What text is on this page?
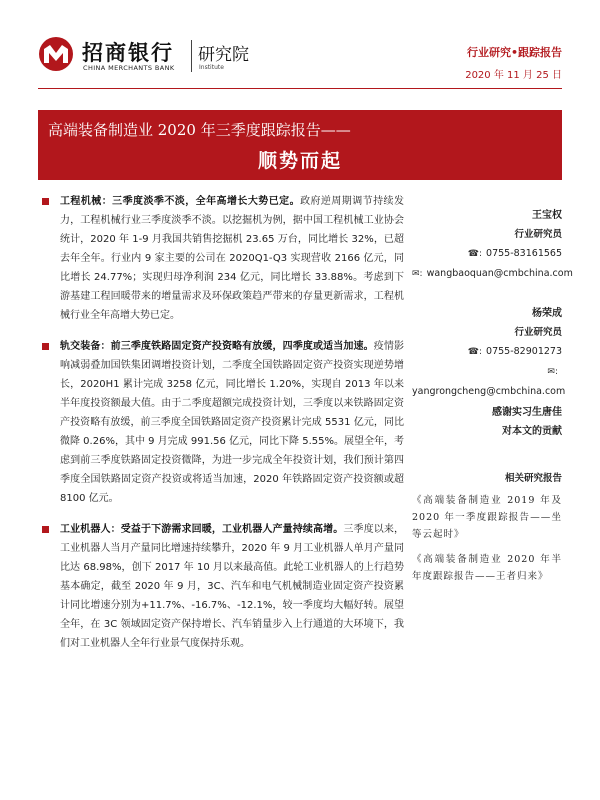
招商银行
CHINA MERCHANTS BANK
研究院
Institute
行业研究•跟踪报告
2020 年 11 月 25 日
高端装备制造业 2020 年三季度跟踪报告——
顺势而起
工程机械：三季度淡季不淡，全年高增长大势已定。政府逆周期调节持续发力，工程机械行业三季度淡季不淡。以挖掘机为例，据中国工程机械工业协会统计，2020 年 1-9 月我国共销售挖掘机 23.65 万台，同比增长 32%，已超去年全年。行业内 9 家主要的公司在 2020Q1-Q3 实现营收 2166 亿元，同比增长 24.77%；实现归母净利润 234 亿元，同比增长 33.88%。考虑到下游基建工程回暖带来的增量需求及环保政策趋严带来的存量更新需求，工程机械行业全年高增大势已定。
轨交装备：前三季度铁路固定资产投资略有放缓，四季度或适当加速。疫情影响减弱叠加国铁集团调增投资计划，二季度全国铁路固定资产投资实现逆势增长，2020H1 累计完成 3258 亿元，同比增长 1.20%，实现自 2013 年以来半年度投资额最大值。由于二季度超额完成投资计划，三季度以来铁路固定资产投资略有放缓，前三季度全国铁路固定资产投资累计完成 5531 亿元，同比微降 0.26%，其中 9 月完成 991.56 亿元，同比下降 5.55%。展望全年，考虑到前三季度铁路固定投资微降，为进一步完成全年投资计划，我们预计第四季度全国铁路固定资产投资或将适当加速，2020 年铁路固定资产投资额或超 8100 亿元。
工业机器人：受益于下游需求回暖，工业机器人产量持续高增。三季度以来，工业机器人当月产量同比增速持续攀升，2020 年 9 月工业机器人单月产量同比达 68.98%，创下 2017 年 10 月以来最高值。此轮工业机器人的上行趋势基本确定，截至 2020 年 9 月，3C、汽车和电气机械制造业固定资产投资累计同比增速分别为+11.7%、-16.7%、-12.1%，较一季度均大幅好转。展望全年，在 3C 领域固定资产保持增长、汽车销量步入上行通道的大环境下，我们对工业机器人全年行业景气度保持乐观。
王宝权
行业研究员
☎: 0755-83161565
✉: wangbaoquan@cmbchina.com
杨荣成
行业研究员
☎: 0755-82901273
✉:
yangrongcheng@cmbchina.com
感谢实习生唐佳
对本文的贡献
相关研究报告
《高端装备制造业 2019 年及 2020 年一季度跟踪报告——坐等云起时》
《高端装备制造业 2020 年半年度跟踪报告——王者归来》
